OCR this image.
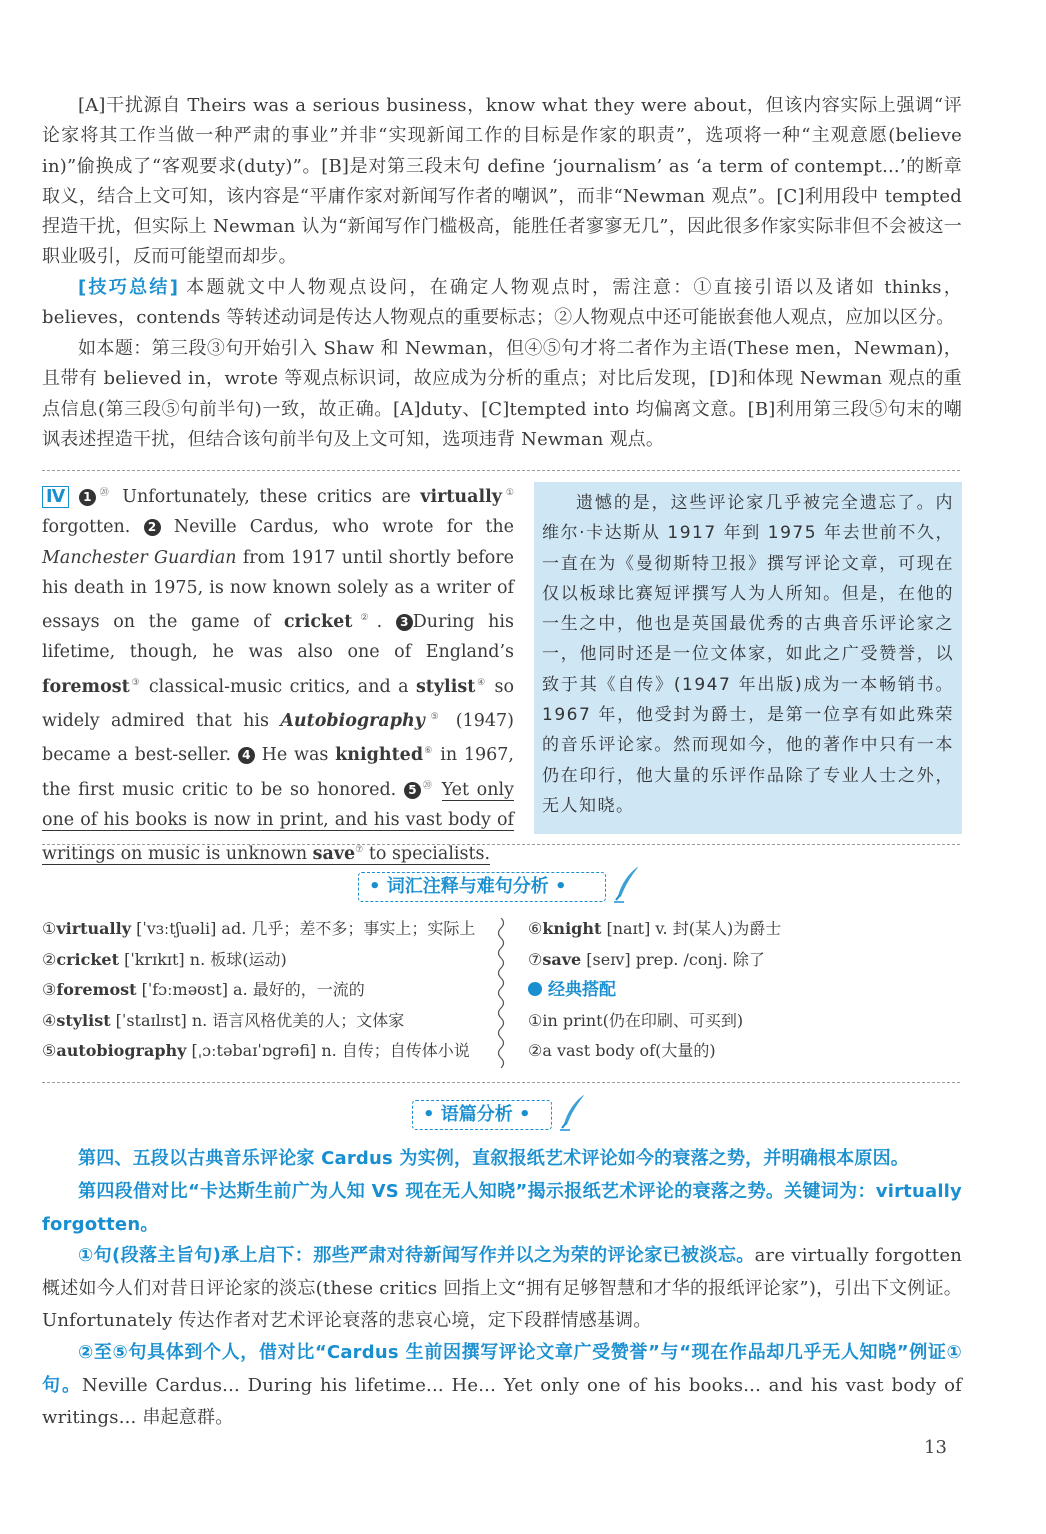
[A]干扰源自 Theirs was a serious business，know what they were about，但该内容实际上强调“评论家将其工作当做一种严肃的事业”并非“实现新闻工作的目标是作家的职责”，选项将一种“主观意愿(believe in)”偷换成了“客观要求(duty)”。[B]是对第三段末句 define ‘journalism’ as ‘a term of contempt...’的断章取义，结合上文可知，该内容是“平庸作家对新闻写作者的嘲讽”，而非“Newman 观点”。[C]利用段中 tempted 捏造干扰，但实际上 Newman 认为“新闻写作门槛极高，能胜任者寥寥无几”，因此很多作家实际非但不会被这一职业吸引，反而可能望而却步。
[技巧总结] 本题就文中人物观点设问，在确定人物观点时，需注意：①直接引语以及诸如 thinks，believes，contends 等转述动词是传达人物观点的重要标志；②人物观点中还可能嵌套他人观点，应加以区分。
如本题：第三段③句开始引入 Shaw 和 Newman，但④⑤句才将二者作为主语(These men，Newman)，且带有 believed in，wrote 等观点标识词，故应成为分析的重点；对比后发现，[D]和体现 Newman 观点的重点信息(第三段⑤句前半句)一致，故正确。[A]duty、[C]tempted into 均偏离文意。[B]利用第三段⑤句末的嘲讽表述捏造干扰，但结合该句前半句及上文可知，选项违背 Newman 观点。
Ⅳ 1 ⑳ Unfortunately, these critics are virtually① forgotten. 2 Neville Cardus, who wrote for the Manchester Guardian from 1917 until shortly before his death in 1975, is now known solely as a writer of essays on the game of cricket②. 3 During his lifetime, though, he was also one of England’s foremost③ classical-music critics, and a stylist④ so widely admired that his Autobiography⑤ (1947) became a best-seller. 4 He was knighted⑥ in 1967, the first music critic to be so honored. 5 ⑳ Yet only one of his books is now in print, and his vast body of writings on music is unknown save⑦ to specialists.

遗憾的是，这些评论家几乎被完全遗忘了。内维尔·卡达斯从 1917 年到 1975 年去世前不久，一直在为《曼彻斯特卫报》撰写评论文章，可现在仅以板球比赛短评撰写人为人所知。但是，在他的一生之中，他也是英国最优秀的古典音乐评论家之一，他同时还是一位文体家，如此之广受赞誉，以致于其《自传》(1947 年出版)成为一本畅销书。1967 年，他受封为爵士，是第一位享有如此殊荣的音乐评论家。然而现如今，他的著作中只有一本仍在印行，他大量的乐评作品除了专业人士之外，无人知晓。

• 词汇注释与难句分析 •
①virtually [ˈvɜːtʃuəli] ad. 几乎；差不多；事实上；实际上
②cricket [ˈkrɪkɪt] n. 板球(运动)
③foremost [ˈfɔːməʊst] a. 最好的，一流的
④stylist [ˈstaɪlɪst] n. 语言风格优美的人；文体家
⑤autobiography [ˌɔːtəbaɪˈɒgrəfi] n. 自传；自传体小说
⑥knight [naɪt] v. 封(某人)为爵士
⑦save [seɪv] prep. /conj. 除了
经典搭配
①in print(仍在印刷、可买到)
②a vast body of(大量的)
• 语篇分析 •
第四、五段以古典音乐评论家 Cardus 为实例，直叙报纸艺术评论如今的衰落之势，并明确根本原因。
第四段借对比“卡达斯生前广为人知 VS 现在无人知晓”揭示报纸艺术评论的衰落之势。关键词为：virtually forgotten。
①句(段落主旨句)承上启下：那些严肃对待新闻写作并以之为荣的评论家已被淡忘。are virtually forgotten 概述如今人们对昔日评论家的淡忘(these critics 回指上文“拥有足够智慧和才华的报纸评论家”)，引出下文例证。Unfortunately 传达作者对艺术评论衰落的悲哀心境，定下段群情感基调。
②至⑤句具体到个人，借对比“Cardus 生前因撰写评论文章广受赞誉”与“现在作品却几乎无人知晓”例证①句。Neville Cardus... During his lifetime... He... Yet only one of his books... and his vast body of writings... 串起意群。
13
